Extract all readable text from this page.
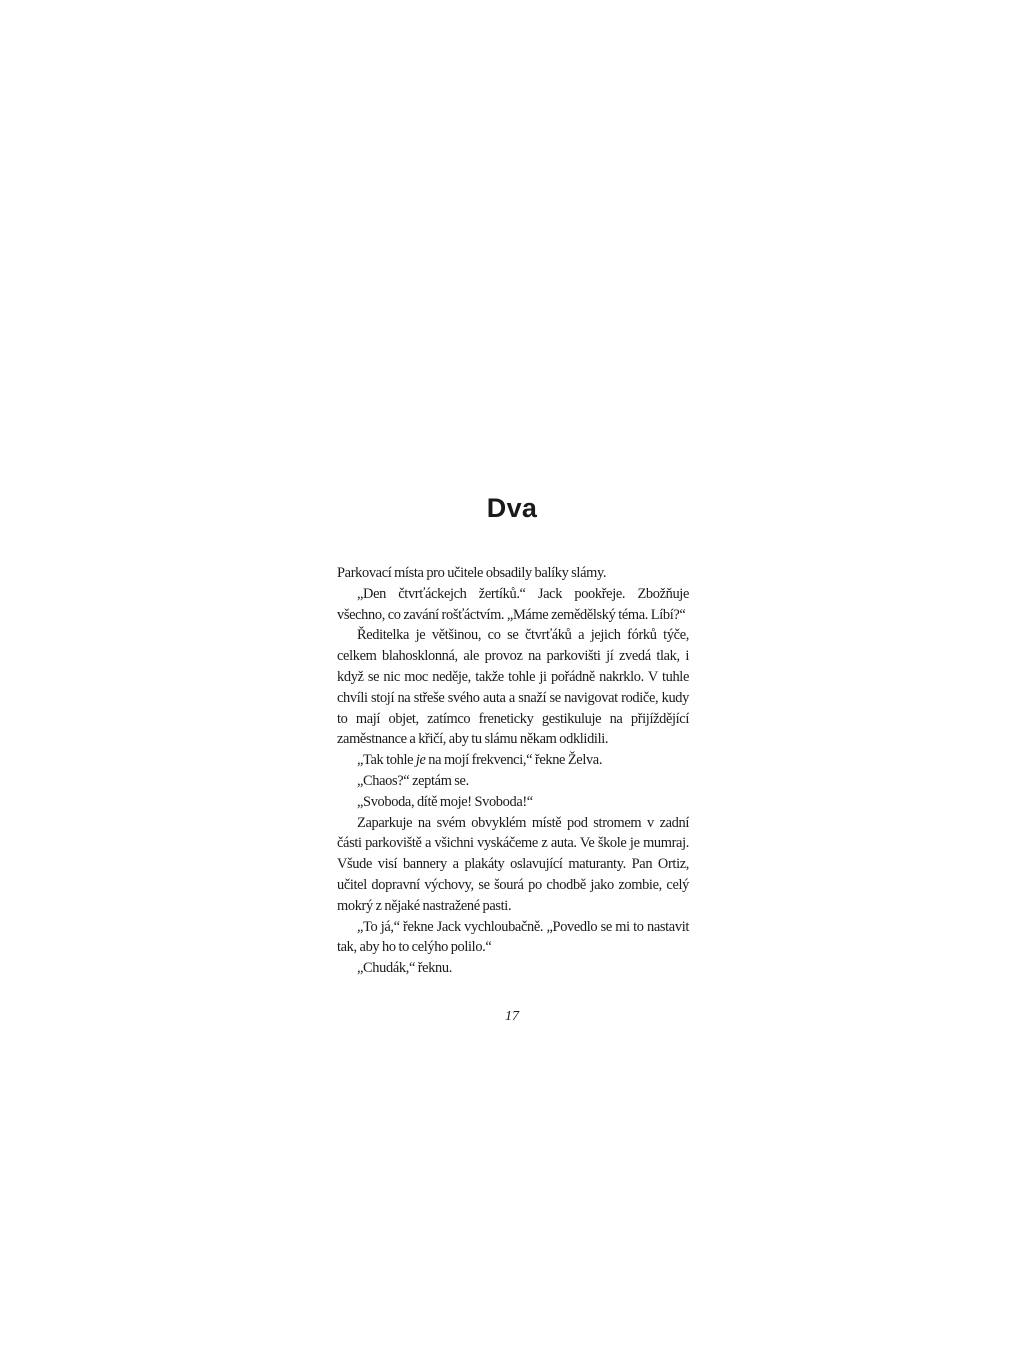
Dva

Parkovací místa pro učitele obsadily balíky slámy.

„Den čtvrťáckejch žertíků.“ Jack pookřeje. Zbožňuje všechno, co zavání rošťáctvím. „Máme zemědělský téma. Líbí?“

Ředitelka je většinou, co se čtvrťáků a jejich fórků týče, celkem blahosklonná, ale provoz na parkovišti jí zvedá tlak, i když se nic moc neděje, takže tohle ji pořádně nakrklo. V tuhle chvíli stojí na střeše svého auta a snaží se navigovat rodiče, kudy to mají objet, zatímco freneticky gestikuluje na přijíždějící zaměstnance a křičí, aby tu slámu někam odklidili.

„Tak tohle je na mojí frekvenci,“ řekne Želva.

„Chaos?“ zeptám se.

„Svoboda, dítě moje! Svoboda!“

Zaparkuje na svém obvyklém místě pod stromem v zadní části parkoviště a všichni vyskáčeme z auta. Ve škole je mumraj. Všude visí bannery a plakáty oslavující maturanty. Pan Ortiz, učitel dopravní výchovy, se šourá po chodbě jako zombie, celý mokrý z nějaké nastražené pasti.

„To já,“ řekne Jack vychloubačně. „Povedlo se mi to nastavit tak, aby ho to celýho polilo.“

„Chudák,“ řeknu.

17
